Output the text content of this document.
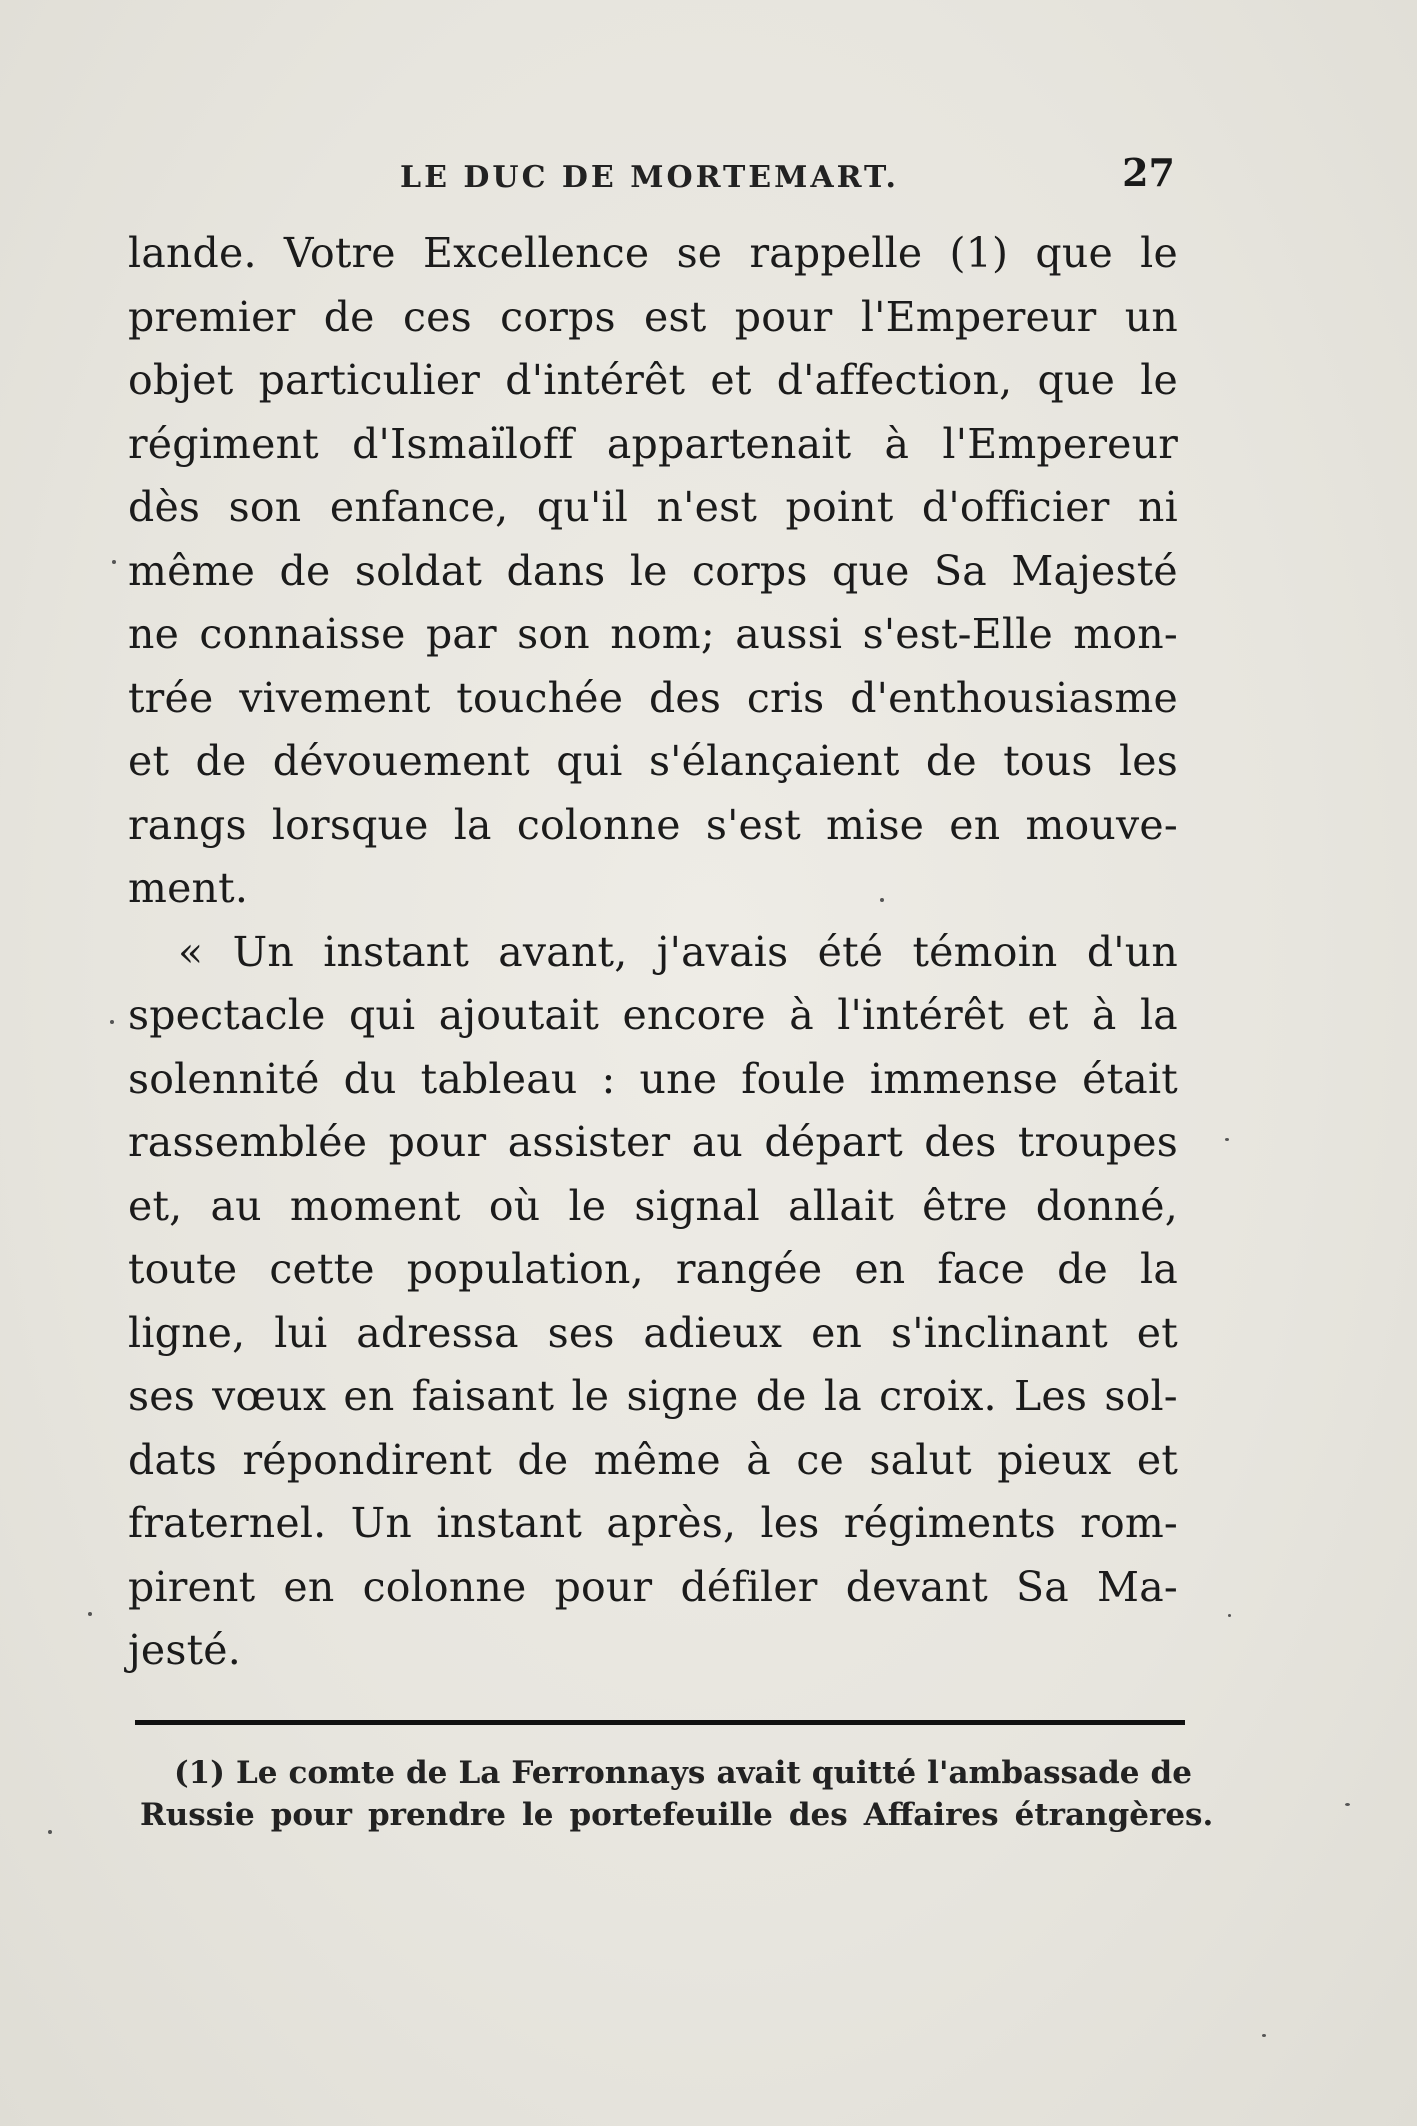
LE DUC DE MORTEMART.	27
lande. Votre Excellence se rappelle (1) que le
premier de ces corps est pour l'Empereur un
objet particulier d'intérêt et d'affection, que le
régiment d'Ismaïloff appartenait à l'Empereur
dès son enfance, qu'il n'est point d'officier ni
même de soldat dans le corps que Sa Majesté
ne connaisse par son nom; aussi s'est-Elle mon-
trée vivement touchée des cris d'enthousiasme
et de dévouement qui s'élançaient de tous les
rangs lorsque la colonne s'est mise en mouve-
ment.
« Un instant avant, j'avais été témoin d'un
spectacle qui ajoutait encore à l'intérêt et à la
solennité du tableau : une foule immense était
rassemblée pour assister au départ des troupes
et, au moment où le signal allait être donné,
toute cette population, rangée en face de la
ligne, lui adressa ses adieux en s'inclinant et
ses vœux en faisant le signe de la croix. Les sol-
dats répondirent de même à ce salut pieux et
fraternel. Un instant après, les régiments rom-
pirent en colonne pour défiler devant Sa Ma-
jesté.
(1) Le comte de La Ferronnays avait quitté l'ambassade de
Russie pour prendre le portefeuille des Affaires étrangères.
